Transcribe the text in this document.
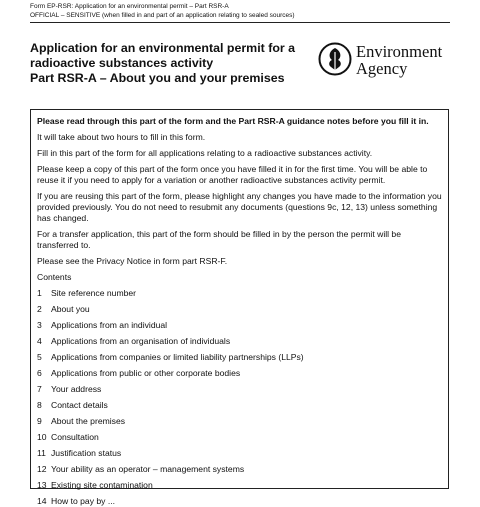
Form EP-RSR: Application for an environmental permit – Part RSR-A
OFFICIAL – SENSITIVE (when filled in and part of an application relating to sealed sources)
Application for an environmental permit for a
radioactive substances activity
Part RSR-A – About you and your premises
Environment
Agency
Please read through this part of the form and the Part RSR-A guidance notes before you fill it in.
It will take about two hours to fill in this form.
Fill in this part of the form for all applications relating to a radioactive substances activity.
Please keep a copy of this part of the form once you have filled it in for the first time. You will be able to reuse it if you need to apply for a variation or another radioactive substances activity permit.
If you are reusing this part of the form, please highlight any changes you have made to the information you provided previously. You do not need to resubmit any documents (questions 9c, 12, 13) unless something has changed.
For a transfer application, this part of the form should be filled in by the person the permit will be transferred to.
Please see the Privacy Notice in form part RSR-F.
Contents
1	Site reference number
2	About you
3	Applications from an individual
4	Applications from an organisation of individuals
5	Applications from companies or limited liability partnerships (LLPs)
6	Applications from public or other corporate bodies
7	Your address
8	Contact details
9	About the premises
10 Consultation
11 Justification status
12 Your ability as an operator – management systems
13 Existing site contamination
14 How to pay by ...
